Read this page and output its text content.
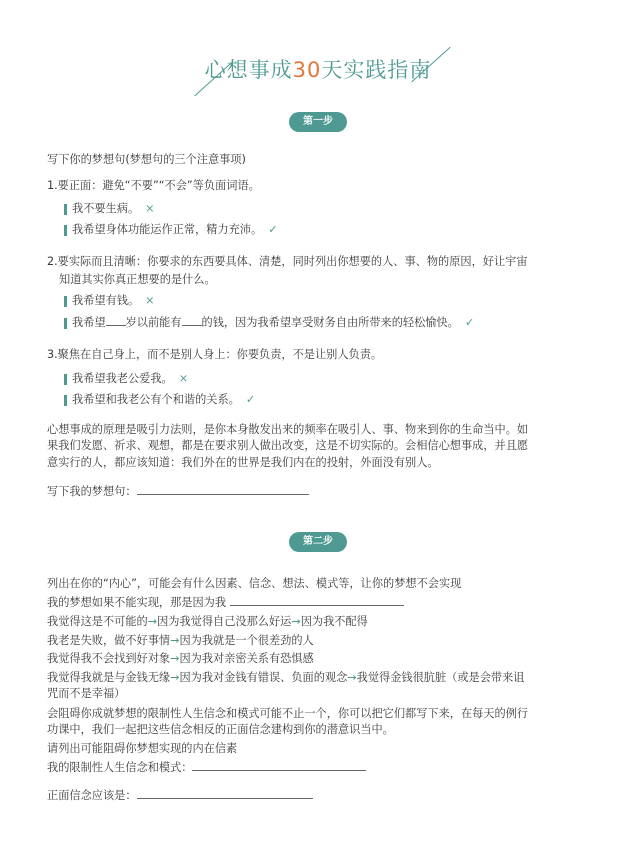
心想事成30天实践指南
第一步
写下你的梦想句(梦想句的三个注意事项)
1.要正面：避免“不要”“不会”等负面词语。
我不要生病。 ×
我希望身体功能运作正常，精力充沛。 ✓
2.要实际而且清晰：你要求的东西要具体、清楚，同时列出你想要的人、事、物的原因，好让宇宙
知道其实你真正想要的是什么。
我希望有钱。 ×
我希望 岁以前能有 的钱，因为我希望享受财务自由所带来的轻松愉快。 ✓
3.聚焦在自己身上，而不是别人身上：你要负责，不是让别人负责。
我希望我老公爱我。 ×
我希望和我老公有个和谐的关系。 ✓
心想事成的原理是吸引力法则，是你本身散发出来的频率在吸引人、事、物来到你的生命当中。如
果我们发愿、祈求、观想，都是在要求别人做出改变，这是不切实际的。会相信心想事成，并且愿
意实行的人，都应该知道：我们外在的世界是我们内在的投射，外面没有别人。
写下我的梦想句：
第二步
列出在你的“内心”，可能会有什么因素、信念、想法、模式等，让你的梦想不会实现
我的梦想如果不能实现，那是因为我
我觉得这是不可能的→因为我觉得自己没那么好运→因为我不配得
我老是失败，做不好事情→因为我就是一个很差劲的人
我觉得我不会找到好对象→因为我对亲密关系有恐惧感
我觉得我就是与金钱无缘→因为我对金钱有错误、负面的观念→我觉得金钱很肮脏（或是会带来诅
咒而不是幸福）
会阻碍你成就梦想的限制性人生信念和模式可能不止一个，你可以把它们都写下来，在每天的例行
功课中，我们一起把这些信念相反的正面信念建构到你的潜意识当中。
请列出可能阻碍你梦想实现的内在信素
我的限制性人生信念和模式：
正面信念应该是：
